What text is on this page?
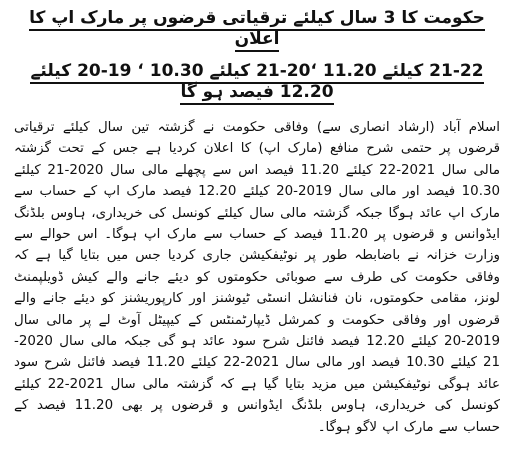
حکومت کا 3 سال کیلئے ترقیاتی قرضوں پر مارک اپ کا اعلان
21-22 کیلئے 11.20 ‘20-21 کیلئے 10.30 ‘ 19-20 کیلئے 12.20 فیصد ہو گا

اسلام آباد (ارشاد انصاری سے) وفاقی حکومت نے گزشتہ تین سال کیلئے ترقیاتی قرضوں پر حتمی شرح منافع (مارک اپ) کا اعلان کردیا ہے جس کے تحت گزشتہ مالی سال 2021-22 کیلئے 11.20 فیصد اس سے پچھلے مالی سال 2020-21 کیلئے 10.30 فیصد اور مالی سال 2019-20 کیلئے 12.20 فیصد مارک اپ کے حساب سے مارک اپ عائد ہوگا جبکہ گزشتہ مالی سال کیلئے کونسل کی خریداری، ہاوس بلڈنگ ایڈوانس و قرضوں پر 11.20 فیصد کے حساب سے مارک اپ ہوگا۔ اس حوالے سے وزارت خزانہ نے باضابطہ طور پر نوٹیفکیشن جاری کردیا جس میں بتایا گیا ہے کہ وفاقی حکومت کی طرف سے صوبائی حکومتوں کو دیئے جانے والے کیش ڈویلپمنٹ لونز، مقامی حکومتوں، نان فنانشل انسٹی ٹیوشنز اور کارپوریشنز کو دیئے جانے والے قرضوں اور وفاقی حکومت و کمرشل ڈیپارٹمنٹس کے کیپیٹل آوٹ لے پر مالی سال 2019-20 کیلئے 12.20 فیصد فائنل شرح سود عائد ہو گی جبکہ مالی سال 2020-21 کیلئے 10.30 فیصد اور مالی سال 2021-22 کیلئے 11.20 فیصد فائنل شرح سود عائد ہوگی نوٹیفکیشن میں مزید بتایا گیا ہے کہ گزشتہ مالی سال 2021-22 کیلئے کونسل کی خریداری، ہاوس بلڈنگ ایڈوانس و قرضوں پر بھی 11.20 فیصد کے حساب سے مارک اپ لاگو ہوگا۔
